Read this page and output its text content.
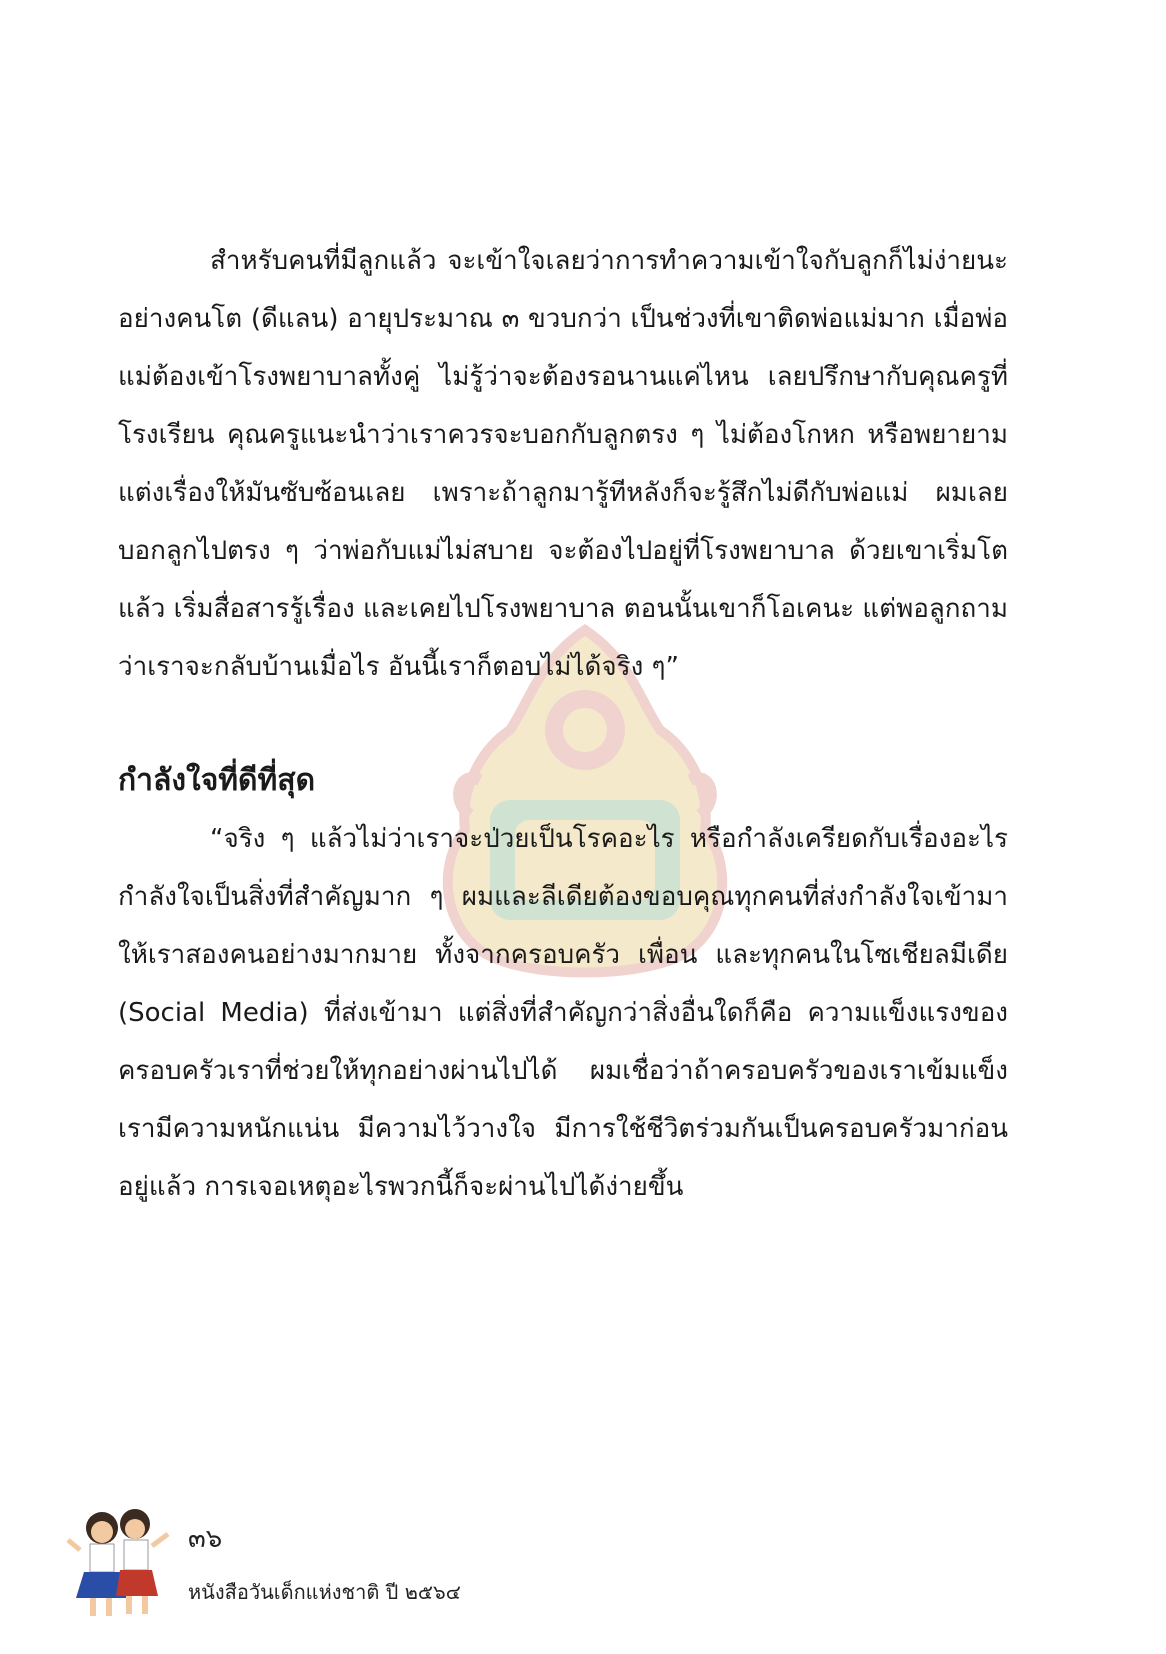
สำหรับคนที่มีลูกแล้ว จะเข้าใจเลยว่าการทำความเข้าใจกับลูกก็ไม่ง่ายนะ อย่างคนโต (ดีแลน) อายุประมาณ ๓ ขวบกว่า เป็นช่วงที่เขาติดพ่อแม่มาก เมื่อพ่อแม่ต้องเข้าโรงพยาบาลทั้งคู่ ไม่รู้ว่าจะต้องรอนานแค่ไหน เลยปรึกษากับคุณครูที่โรงเรียน คุณครูแนะนำว่าเราควรจะบอกกับลูกตรง ๆ ไม่ต้องโกหก หรือพยายามแต่งเรื่องให้มันซับซ้อนเลย เพราะถ้าลูกมารู้ทีหลังก็จะรู้สึกไม่ดีกับพ่อแม่ ผมเลยบอกลูกไปตรง ๆ ว่าพ่อกับแม่ไม่สบาย จะต้องไปอยู่ที่โรงพยาบาล ด้วยเขาเริ่มโตแล้ว เริ่มสื่อสารรู้เรื่อง และเคยไปโรงพยาบาล ตอนนั้นเขาก็โอเคนะ แต่พอลูกถามว่าเราจะกลับบ้านเมื่อไร อันนี้เราก็ตอบไม่ได้จริง ๆ”

กำลังใจที่ดีที่สุด

“จริง ๆ แล้วไม่ว่าเราจะป่วยเป็นโรคอะไร หรือกำลังเครียดกับเรื่องอะไร กำลังใจเป็นสิ่งที่สำคัญมาก ๆ ผมและลีเดียต้องขอบคุณทุกคนที่ส่งกำลังใจเข้ามาให้เราสองคนอย่างมากมาย ทั้งจากครอบครัว เพื่อน และทุกคนในโซเชียลมีเดีย (Social Media) ที่ส่งเข้ามา แต่สิ่งที่สำคัญกว่าสิ่งอื่นใดก็คือ ความแข็งแรงของครอบครัวเราที่ช่วยให้ทุกอย่างผ่านไปได้ ผมเชื่อว่าถ้าครอบครัวของเราเข้มแข็ง เรามีความหนักแน่น มีความไว้วางใจ มีการใช้ชีวิตร่วมกันเป็นครอบครัวมาก่อนอยู่แล้ว การเจอเหตุอะไรพวกนี้ก็จะผ่านไปได้ง่ายขึ้น

๓๖
หนังสือวันเด็กแห่งชาติ ปี ๒๕๖๔
